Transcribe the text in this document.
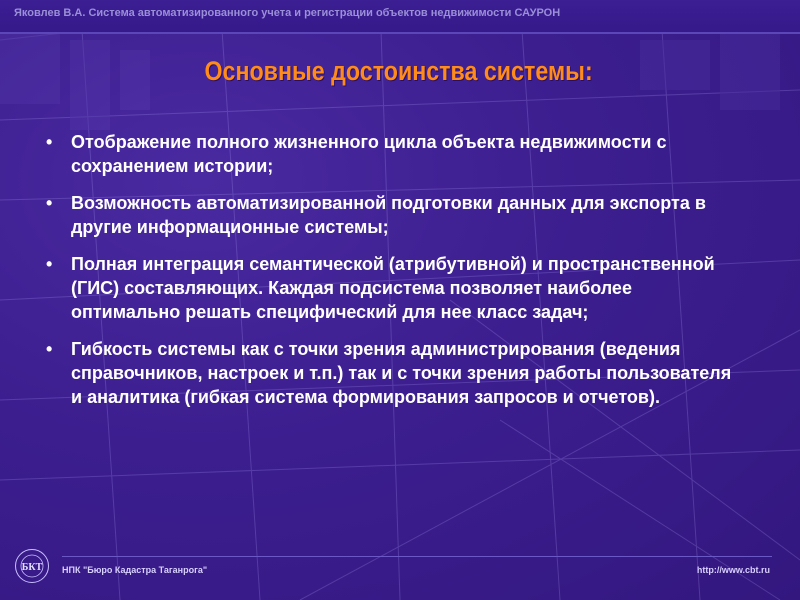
Яковлев В.А. Система автоматизированного учета и регистрации объектов недвижимости САУРОН
Основные достоинства системы:
• Отображение полного жизненного цикла объекта недвижимости с сохранением истории;
• Возможность автоматизированной подготовки данных для экспорта в другие информационные системы;
• Полная интеграция семантической (атрибутивной) и пространственной (ГИС) составляющих. Каждая подсистема позволяет наиболее оптимально решать специфический для нее класс задач;
• Гибкость системы как с точки зрения администрирования (ведения справочников, настроек и т.п.) так и с точки зрения работы пользователя и аналитика (гибкая система формирования запросов и отчетов).
БКТ НПК "Бюро Кадастра Таганрога"	http://www.cbt.ru
